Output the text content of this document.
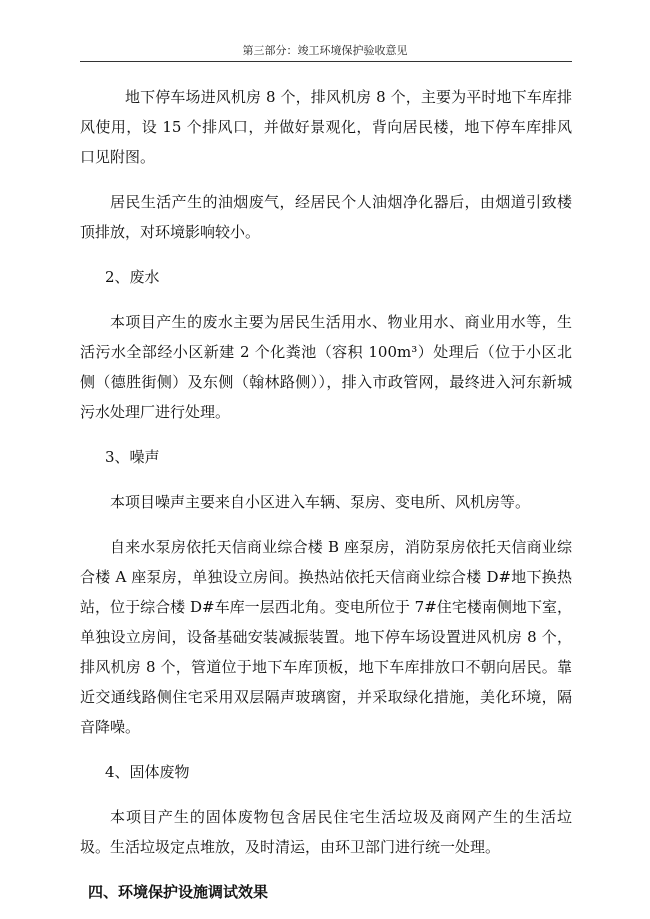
第三部分：竣工环境保护验收意见

地下停车场进风机房 8 个，排风机房 8 个，主要为平时地下车库排风使用，设 15 个排风口，并做好景观化，背向居民楼，地下停车库排风口见附图。

居民生活产生的油烟废气，经居民个人油烟净化器后，由烟道引致楼顶排放，对环境影响较小。

2、废水

本项目产生的废水主要为居民生活用水、物业用水、商业用水等，生活污水全部经小区新建 2 个化粪池（容积 100m³）处理后（位于小区北侧（德胜街侧）及东侧（翰林路侧）），排入市政管网，最终进入河东新城污水处理厂进行处理。

3、噪声

本项目噪声主要来自小区进入车辆、泵房、变电所、风机房等。

自来水泵房依托天信商业综合楼 B 座泵房，消防泵房依托天信商业综合楼 A 座泵房，单独设立房间。换热站依托天信商业综合楼 D#地下换热站，位于综合楼 D#车库一层西北角。变电所位于 7#住宅楼南侧地下室，单独设立房间，设备基础安装减振装置。地下停车场设置进风机房 8 个，排风机房 8 个，管道位于地下车库顶板，地下车库排放口不朝向居民。靠近交通线路侧住宅采用双层隔声玻璃窗，并采取绿化措施，美化环境，隔音降噪。

4、固体废物

本项目产生的固体废物包含居民住宅生活垃圾及商网产生的生活垃圾。生活垃圾定点堆放，及时清运，由环卫部门进行统一处理。

四、环境保护设施调试效果
